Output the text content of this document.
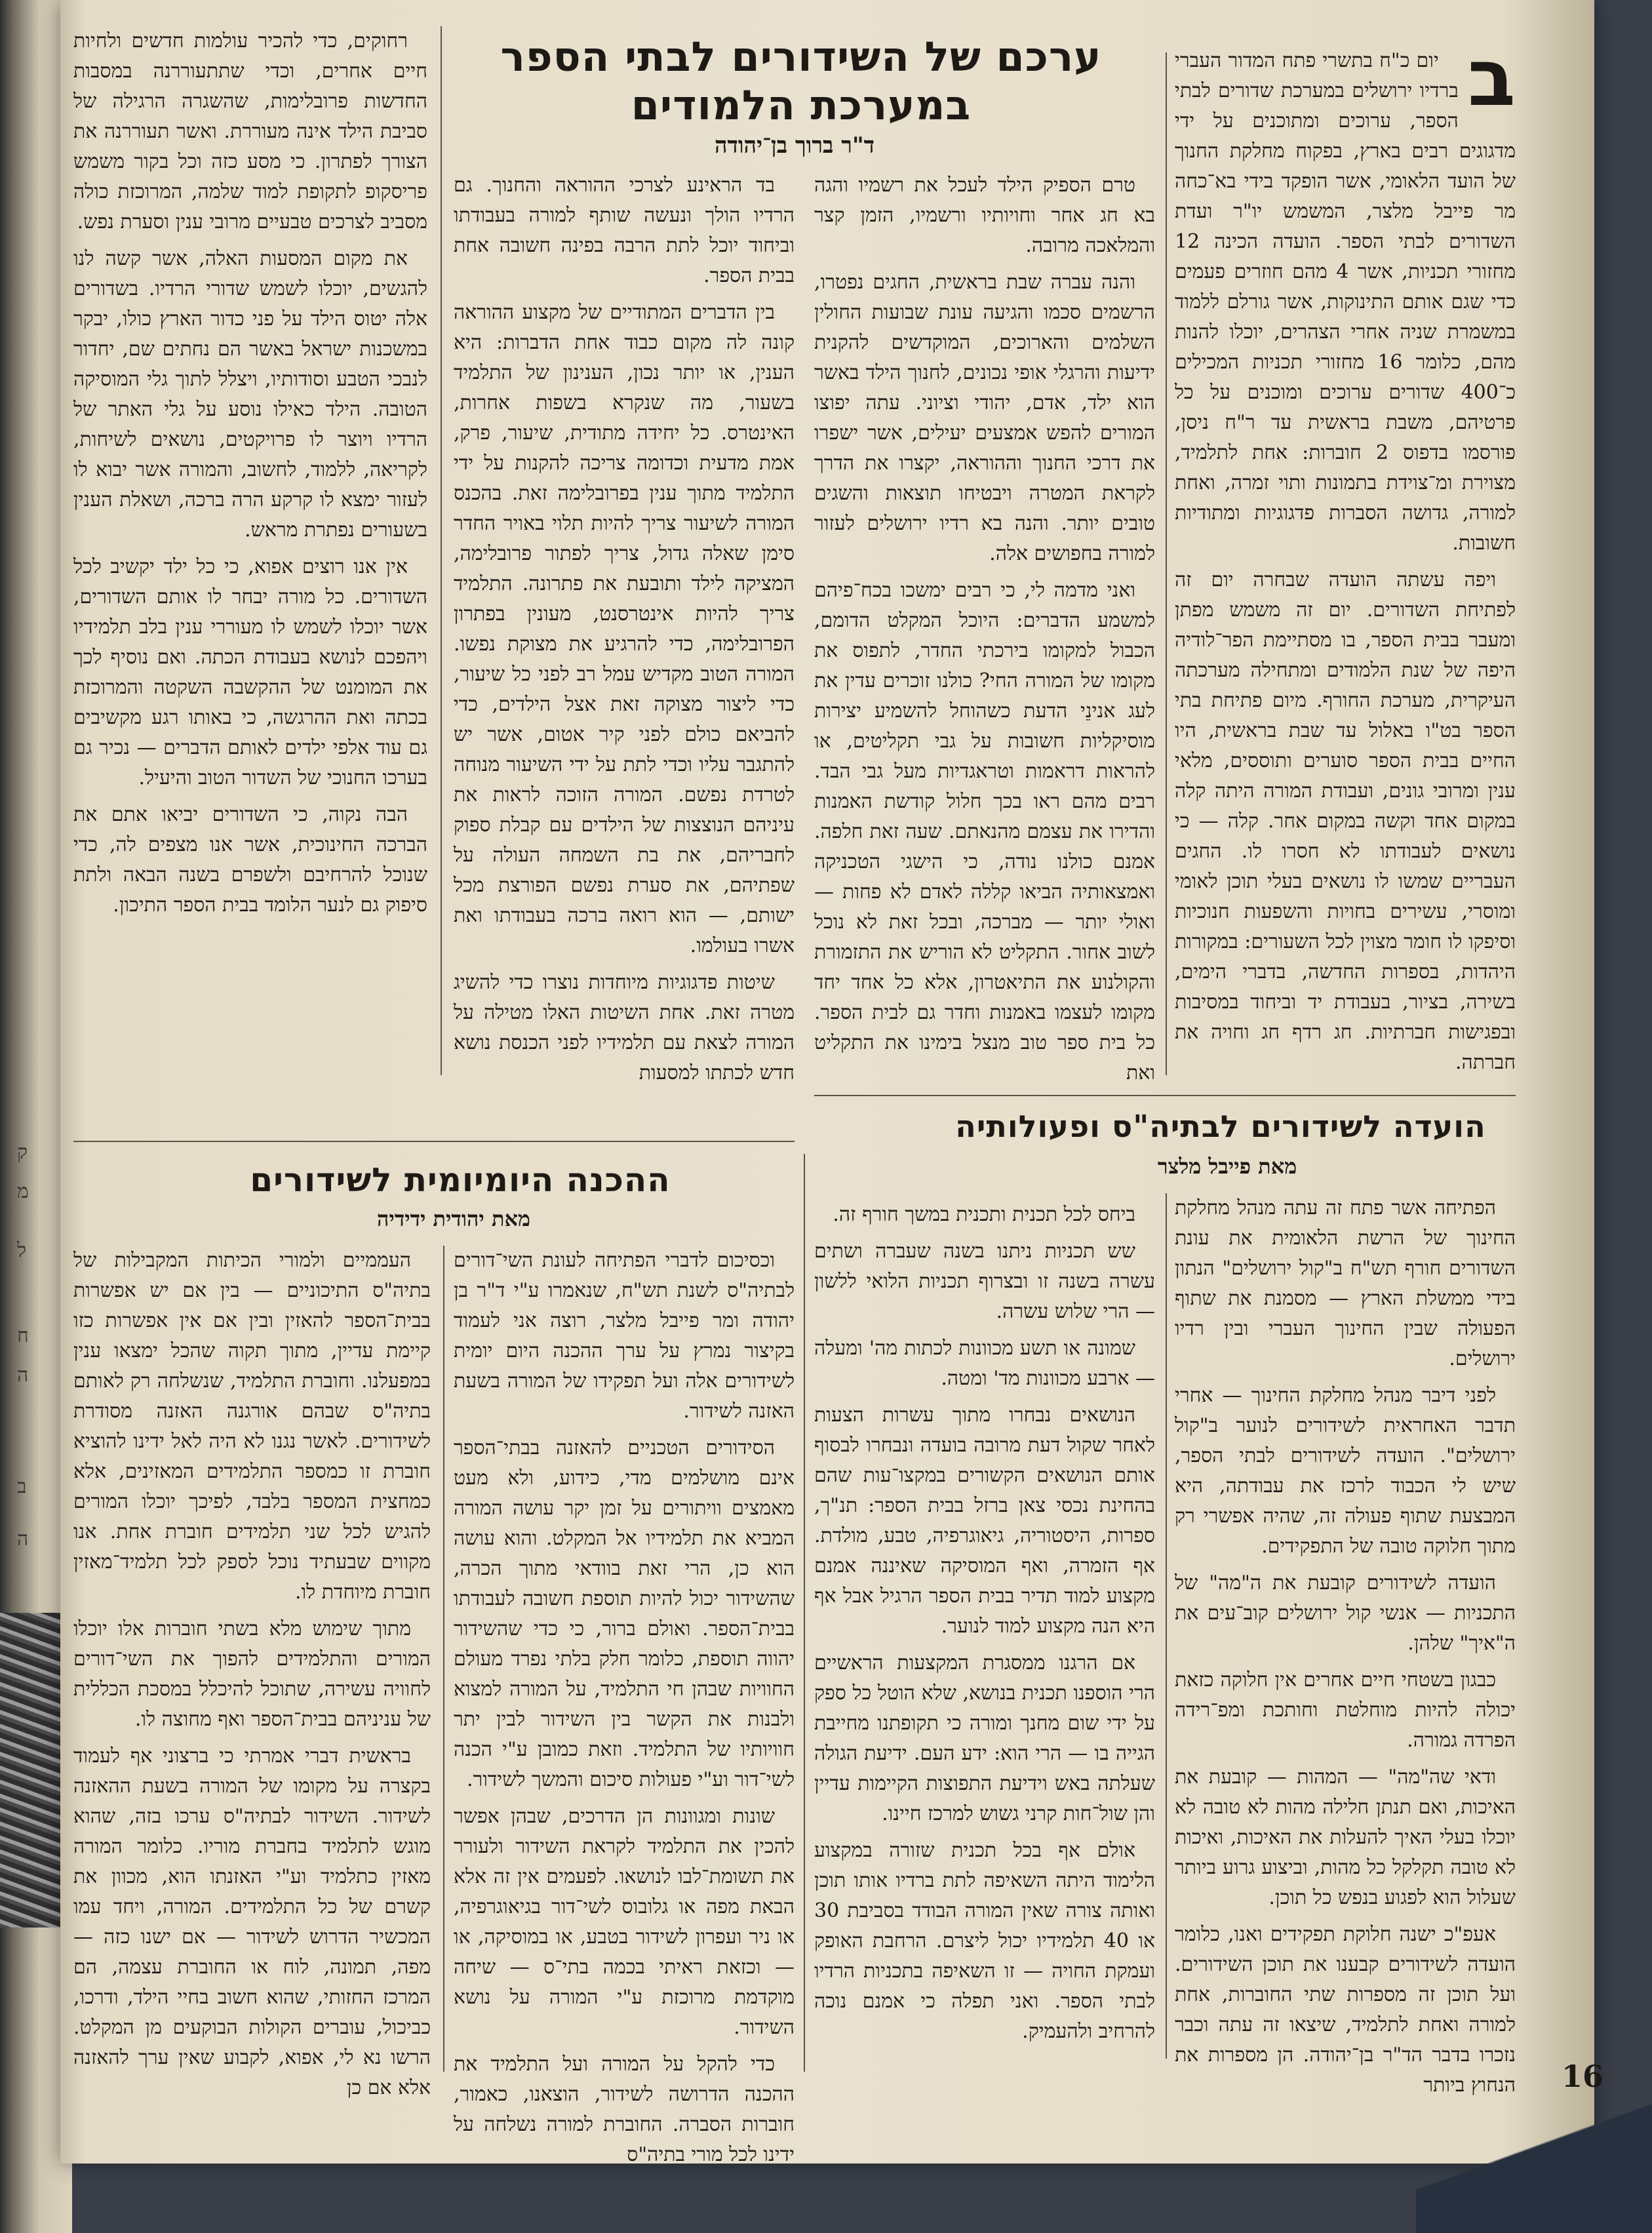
ק
מ
ל
ח
ה
ב
ה
ערכם של השידורים לבתי הספר
במערכת הלמודים
ד"ר ברוך בן־יהודה
ב

יום כ"ח בתשרי פתח המדור העברי ברדיו ירושלים במערכת שדורים לבתי הספר, ערוכים ומתוכנים על ידי מדגוגים רבים בארץ, בפקוח מחלקת החנוך של הועד הלאומי, אשר הופקד בידי בא־כחה מר פייבל מלצר, המשמש יו"ר ועדת השדורים לבתי הספר. הועדה הכינה 12 מחזורי תכניות, אשר 4 מהם חוזרים פעמים כדי שגם אותם התינוקות, אשר גורלם ללמוד במשמרת שניה אחרי הצהרים, יוכלו להנות מהם, כלומר 16 מחזורי תכניות המכילים כ־400 שדורים ערוכים ומוכנים על כל פרטיהם, משבת בראשית עד ר"ח ניסן, פורסמו בדפוס 2 חוברות: אחת לתלמיד, מצוירת ומ־צוידת בתמונות ותוי זמרה, ואחת למורה, גדושה הסברות פדגוגיות ומתודיות חשובות.

ויפה עשתה הועדה שבחרה יום זה לפתיחת השדורים. יום זה משמש מפתן ומעבר בבית הספר, בו מסתיימת הפר־לודיה היפה של שנת הלמודים ומתחילה מערכתה העיקרית, מערכת החורף. מיום פתיחת בתי הספר בט"ו באלול עד שבת בראשית, היו החיים בבית הספר סוערים ותוססים, מלאי ענין ומרובי גונים, ועבודת המורה היתה קלה במקום אחד וקשה במקום אחר. קלה — כי נושאים לעבודתו לא חסרו לו. החגים העבריים שמשו לו נושאים בעלי תוכן לאומי ומוסרי, עשירים בחויות והשפעות חנוכיות וסיפקו לו חומר מצוין לכל השעורים: במקורות היהדות, בספרות החדשה, בדברי הימים, בשירה, בציור, בעבודת יד וביחוד במסיבות ובפגישות חברתיות. חג רדף חג וחויה את חברתה.

טרם הספיק הילד לעכל את רשמיו והגה בא חג אחר וחויותיו ורשמיו, הזמן קצר והמלאכה מרובה.

והנה עברה שבת בראשית, החגים נפטרו, הרשמים סכמו והגיעה עונת שבועות החולין השלמים והארוכים, המוקדשים להקנית ידיעות והרגלי אופי נכונים, לחנוך הילד באשר הוא ילד, אדם, יהודי וציוני. עתה יפוצו המורים להפש אמצעים יעילים, אשר ישפרו את דרכי החנוך וההוראה, יקצרו את הדרך לקראת המטרה ויבטיחו תוצאות והשגים טובים יותר. והנה בא רדיו ירושלים לעזור למורה בחפושים אלה.

ואני מדמה לי, כי רבים ימשכו בכח־פיהם למשמע הדברים: היוכל המקלט הדומם, הכבול למקומו בירכתי החדר, לתפוס את מקומו של המורה החי? כולנו זוכרים עדין את לעג אנינֵי הדעת כשהוחל להשמיע יצירות מוסיקליות חשובות על גבי תקליטים, או להראות דראמות וטראגדיות מעל גבי הבד. רבים מהם ראו בכך חלול קודשת האמנות והדירו את עצמם מהנאתם. שעה זאת חלפה. אמנם כולנו נודה, כי הישגי הטכניקה ואמצאותיה הביאו קללה לאדם לא פחות — ואולי יותר — מברכה, ובכל זאת לא נוכל לשוב אחור. התקליט לא הוריש את התזמורת והקולנוע את התיאטרון, אלא כל אחד יחד מקומו לעצמו באמנות וחדר גם לבית הספר. כל בית ספר טוב מנצל בימינו את התקליט ואת

בד הראינע לצרכי ההוראה והחנוך. גם הרדיו הולך ונעשה שותף למורה בעבודתו וביחוד יוכל לתת הרבה בפינה חשובה אחת בבית הספר.

בין הדברים המתודיים של מקצוע ההוראה קונה לה מקום כבוד אחת הדברות: היא הענין, או יותר נכון, הענינון של התלמיד בשעור, מה שנקרא בשפות אחרות, האינטרס. כל יחידה מתודית, שיעור, פרק, אמת מדעית וכדומה צריכה להקנות על ידי התלמיד מתוך ענין בפרובלימה זאת. בהכנס המורה לשיעור צריך להיות תלוי באויר החדר סימן שאלה גדול, צריך לפתור פרובלימה, המציקה לילד ותובעת את פתרונה. התלמיד צריך להיות אינטרסנט, מעונין בפתרון הפרובלימה, כדי להרגיע את מצוקת נפשו. המורה הטוב מקדיש עמל רב לפני כל שיעור, כדי ליצור מצוקה זאת אצל הילדים, כדי להביאם כולם לפני קיר אטום, אשר יש להתגבר עליו וכדי לתת על ידי השיעור מנוחה לטרדת נפשם. המורה הזוכה לראות את עיניהם הנוצצות של הילדים עם קבלת ספוק לחבריהם, את בת השמחה העולה על שפתיהם, את סערת נפשם הפורצת מכל ישותם, — הוא רואה ברכה בעבודתו ואת אשרו בעולמו.

שיטות פדגוגיות מיוחדות נוצרו כדי להשיג מטרה זאת. אחת השיטות האלו מטילה על המורה לצאת עם תלמידיו לפני הכנסת נושא חדש לכתתו למסעות

רחוקים, כדי להכיר עולמות חדשים ולחיות חיים אחרים, וכדי שתתעוררנה במסבות החדשות פרובלימות, שהשגרה הרגילה של סביבת הילד אינה מעוררת. ואשר תעוררנה את הצורך לפתרון. כי מסע כזה וכל בקור משמש פריסקופ לתקופת למוד שלמה, המרוכזת כולה מסביב לצרכים טבעיים מרובי ענין וסערת נפש.

את מקום המסעות האלה, אשר קשה לנו להגשים, יוכלו לשמש שדורי הרדיו. בשדורים אלה יטוס הילד על פני כדור הארץ כולו, יבקר במשכנות ישראל באשר הם נחתים שם, יחדור לנבכי הטבע וסודותיו, ויצלל לתוך גלי המוסיקה הטובה. הילד כאילו נוסע על גלי האתר של הרדיו ויוצר לו פרויקטים, נושאים לשיחות, לקריאה, ללמוד, לחשוב, והמורה אשר יבוא לו לעזור ימצא לו קרקע הרה ברכה, ושאלת הענין בשעורים נפתרת מראש.

אין אנו רוצים אפוא, כי כל ילד יקשיב לכל השדורים. כל מורה יבחר לו אותם השדורים, אשר יוכלו לשמש לו מעוררי ענין בלב תלמידיו ויהפכם לנושא בעבודת הכתה. ואם נוסיף לכך את המומנט של ההקשבה השקטה והמרוכזת בכתה ואת ההרגשה, כי באותו רגע מקשיבים גם עוד אלפי ילדים לאותם הדברים — נכיר גם בערכו החנוכי של השדור הטוב והיעיל.

הבה נקוה, כי השדורים יביאו אתם את הברכה החינוכית, אשר אנו מצפים לה, כדי שנוכל להרחיבם ולשפרם בשנה הבאה ולתת סיפוק גם לנער הלומד בבית הספר התיכון.

הועדה לשידורים לבתיה"ס ופעולותיה
מאת פייבל מלצר

הפתיחה אשר פתח זה עתה מנהל מחלקת החינוך של הרשת הלאומית את עונת השדורים חורף תש"ח ב"קול ירושלים" הנתון בידי ממשלת הארץ — מסמנת את שתוף הפעולה שבין החינוך העברי ובין רדיו ירושלים.

לפני דיבר מנהל מחלקת החינוך — אחרי תדבר האחראית לשידורים לנוער ב"קול ירושלים". הועדה לשידורים לבתי הספר, שיש לי הכבוד לרכז את עבודתה, היא המבצעת שתוף פעולה זה, שהיה אפשרי רק מתוך חלוקה טובה של התפקידים.

הועדה לשידורים קובעת את ה"מה" של התכניות — אנשי קול ירושלים קוב־עים את ה"איך" שלהן.

כבגון בשטחי חיים אחרים אין חלוקה כזאת יכולה להיות מוחלטת וחותכת ומפ־רידה הפרדה גמורה.

ודאי שה"מה" — המהות — קובעת את האיכות, ואם תנתן חלילה מהות לא טובה לא יוכלו בעלי האיך להעלות את האיכות, ואיכות לא טובה תקלקל כל מהות, וביצוע גרוע ביותר שעלול הוא לפגוע בנפש כל תוכן.

אעפ"כ ישנה חלוקת תפקידים ואנו, כלומר הועדה לשידורים קבענו את תוכן השידורים. ועל תוכן זה מספרות שתי החוברות, אחת למורה ואחת לתלמיד, שיצאו זה עתה וכבר נזכרו בדבר הד"ר בן־יהודה. הן מספרות את הנחוץ ביותר

ביחס לכל תכנית ותכנית במשך חורף זה.

שש תכניות ניתנו בשנה שעברה ושתים עשרה בשנה זו ובצרוף תכניות הלואי ללשון — הרי שלוש עשרה.

שמונה או תשע מכוונות לכתות מה' ומעלה — ארבע מכוונות מד' ומטה.

הנושאים נבחרו מתוך עשרות הצעות לאחר שקול דעת מרובה בועדה ונבחרו לבסוף אותם הנושאים הקשורים במקצו־עות שהם בהחינת נכסי צאן ברזל בבית הספר: תנ"ך, ספרות, היסטוריה, גיאוגרפיה, טבע, מולדת. אף הזמרה, ואף המוסיקה שאיננה אמנם מקצוע למוד תדיר בבית הספר הרגיל אבל אף היא הנה מקצוע למוד לנוער.

אם הרגנו ממסגרת המקצעות הראשיים הרי הוספנו תכנית בנושא, שלא הוטל כל ספק על ידי שום מחנך ומורה כי תקופתנו מחייבת הגייה בו — הרי הוא: ידע העם. ידיעת הגולה שעלתה באש וידיעת התפוצות הקיימות עדיין והן שול־חות קרני גשוש למרכז חיינו.

אולם אף בכל תכנית שזורה במקצוע הלימוד היתה השאיפה לתת ברדיו אותו תוכן ואותה צורה שאין המורה הבודד בסביבת 30 או 40 תלמידיו יכול ליצרם. הרחבת האופק ועמקת החויה — זו השאיפה בתכניות הרדיו לבתי הספר. ואני תפלה כי אמנם נוכה להרחיב ולהעמיק.

ההכנה היומיומית לשידורים
מאת יהודית ידידיה

וכסיכום לדברי הפתיחה לעונת השי־דורים לבתיה"ס לשנת תש"ח, שנאמרו ע"י ד"ר בן יהודה ומר פייבל מלצר, רוצה אני לעמוד בקיצור נמרץ על ערך ההכנה היום יומית לשידורים אלה ועל תפקידו של המורה בשעת האזנה לשידור.

הסידורים הטכניים להאזנה בבתי־הספר אינם מושלמים מדי, כידוע, ולא מעט מאמצים וויתורים על זמן יקר עושה המורה המביא את תלמידיו אל המקלט. והוא עושה הוא כן, הרי זאת בוודאי מתוך הכרה, שהשידור יכול להיות תוספת חשובה לעבודתו בבית־הספר. ואולם ברור, כי כדי שהשידור יהווה תוספת, כלומר חלק בלתי נפרד מעולם החוויות שבהן חי התלמיד, על המורה למצוא ולבנות את הקשר בין השידור לבין יתר חוויותיו של התלמיד. וזאת כמובן ע"י הכנה לשי־דור וע"י פעולות סיכום והמשך לשידור.

שונות ומגוונות הן הדרכים, שבהן אפשר להכין את התלמיד לקראת השידור ולעורר את תשומת־לבו לנושאו. לפעמים אין זה אלא הבאת מפה או גלובוס לשי־דור בגיאוגרפיה, או ניר ועפרון לשידור בטבע, או במוסיקה, או — וכזאת ראיתי בכמה בתי־ס — שיחה מוקדמת מרוכזת ע"י המורה על נושא השידור.

כדי להקל על המורה ועל התלמיד את ההכנה הדרושה לשידור, הוצאנו, כאמור, חוברות הסברה. החוברת למורה נשלחה על ידינו לכל מורי בתיה"ס

העממיים ולמורי הכיתות המקבילות של בתיה"ס התיכוניים — בין אם יש אפשרות בבית־הספר להאזין ובין אם אין אפשרות כזו קיימת עדיין, מתוך תקוה שהכל ימצאו ענין במפעלנו. וחוברת התלמיד, שנשלחה רק לאותם בתיה"ס שבהם אורגנה האזנה מסודרת לשידורים. לאשר נגנו לא היה לאל ידינו להוציא חוברת זו כמספר התלמידים המאזינים, אלא כמחצית המספר בלבד, לפיכך יוכלו המורים להגיש לכל שני תלמידים חוברת אחת. אנו מקווים שבעתיד נוכל לספק לכל תלמיד־מאזין חוברת מיוחדת לו.

מתוך שימוש מלא בשתי חוברות אלו יוכלו המורים והתלמידים להפוך את השי־דורים לחוויה עשירה, שתוכל להיכלל במסכת הכללית של עניניהם בבית־הספר ואף מחוצה לו.

בראשית דברי אמרתי כי ברצוני אף לעמוד בקצרה על מקומו של המורה בשעת ההאזנה לשידור. השידור לבתיה"ס ערכו בזה, שהוא מוגש לתלמיד בחברת מוריו. כלומר המורה מאזין כתלמיד וע"י האזנתו הוא, מכוון את קשרם של כל התלמידים. המורה, ויחד עמו המכשיר הדרוש לשידור — אם ישנו כזה — מפה, תמונה, לוח או החוברת עצמה, הם המרכז החזותי, שהוא חשוב בחיי הילד, ודרכו, כביכול, עוברים הקולות הבוקעים מן המקלט. הרשו נא לי, אפוא, לקבוע שאין ערך להאזנה אלא אם כן	16
